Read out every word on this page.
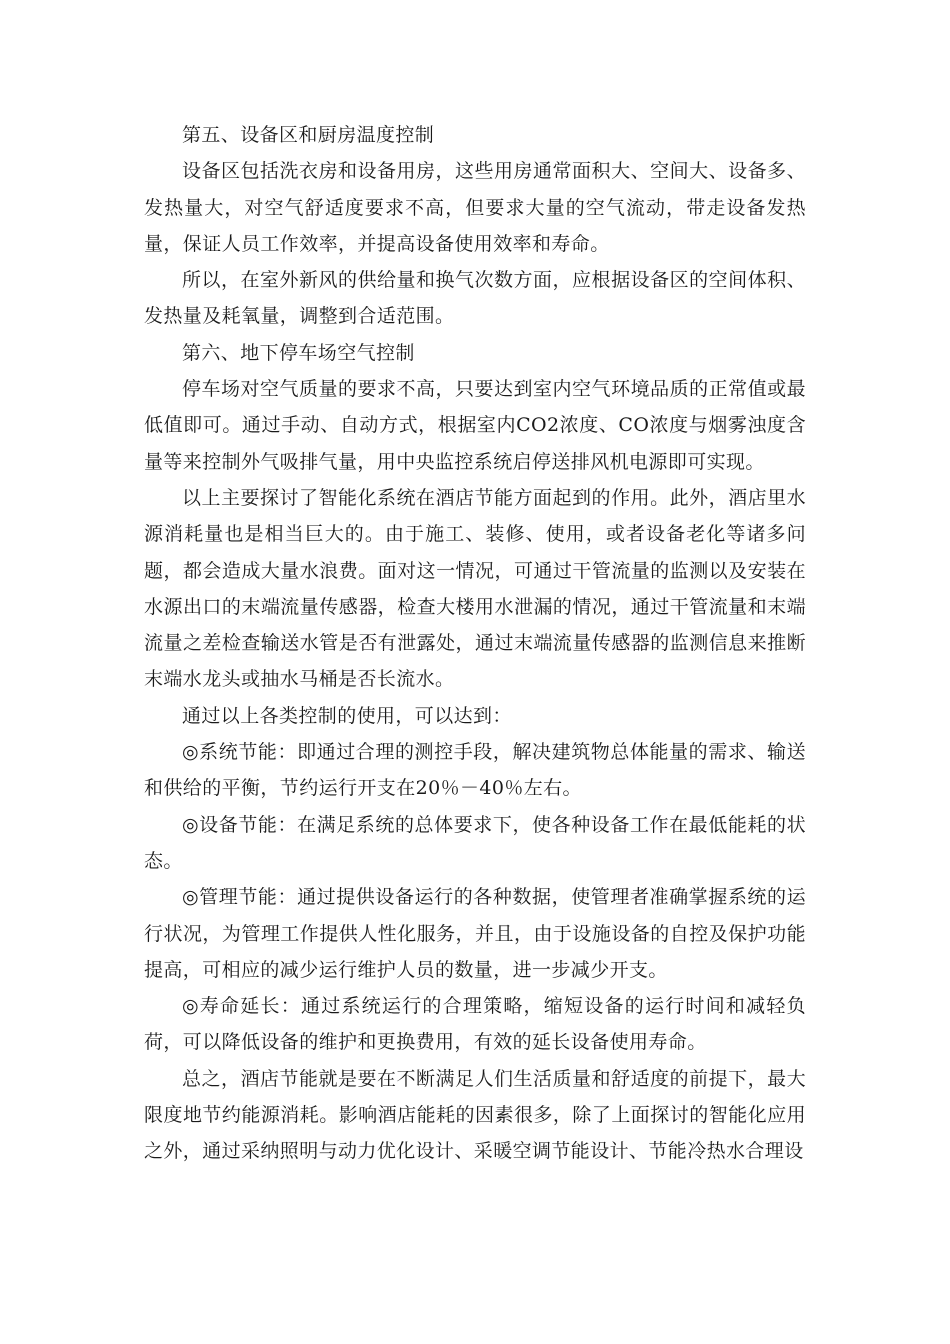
第五、设备区和厨房温度控制

设备区包括洗衣房和设备用房，这些用房通常面积大、空间大、设备多、发热量大，对空气舒适度要求不高，但要求大量的空气流动，带走设备发热量，保证人员工作效率，并提高设备使用效率和寿命。

所以，在室外新风的供给量和换气次数方面，应根据设备区的空间体积、发热量及耗氧量，调整到合适范围。

第六、地下停车场空气控制

停车场对空气质量的要求不高，只要达到室内空气环境品质的正常值或最低值即可。通过手动、自动方式，根据室内CO2浓度、CO浓度与烟雾浊度含量等来控制外气吸排气量，用中央监控系统启停送排风机电源即可实现。

以上主要探讨了智能化系统在酒店节能方面起到的作用。此外，酒店里水源消耗量也是相当巨大的。由于施工、装修、使用，或者设备老化等诸多问题，都会造成大量水浪费。面对这一情况，可通过干管流量的监测以及安装在水源出口的末端流量传感器，检查大楼用水泄漏的情况，通过干管流量和末端流量之差检查输送水管是否有泄露处，通过末端流量传感器的监测信息来推断末端水龙头或抽水马桶是否长流水。

通过以上各类控制的使用，可以达到：

◎系统节能：即通过合理的测控手段，解决建筑物总体能量的需求、输送和供给的平衡，节约运行开支在20％－40％左右。

◎设备节能：在满足系统的总体要求下，使各种设备工作在最低能耗的状态。

◎管理节能：通过提供设备运行的各种数据，使管理者准确掌握系统的运行状况，为管理工作提供人性化服务，并且，由于设施设备的自控及保护功能提高，可相应的减少运行维护人员的数量，进一步减少开支。

◎寿命延长：通过系统运行的合理策略，缩短设备的运行时间和减轻负荷，可以降低设备的维护和更换费用，有效的延长设备使用寿命。

总之，酒店节能就是要在不断满足人们生活质量和舒适度的前提下，最大限度地节约能源消耗。影响酒店能耗的因素很多，除了上面探讨的智能化应用之外，通过采纳照明与动力优化设计、采暖空调节能设计、节能冷热水合理设
